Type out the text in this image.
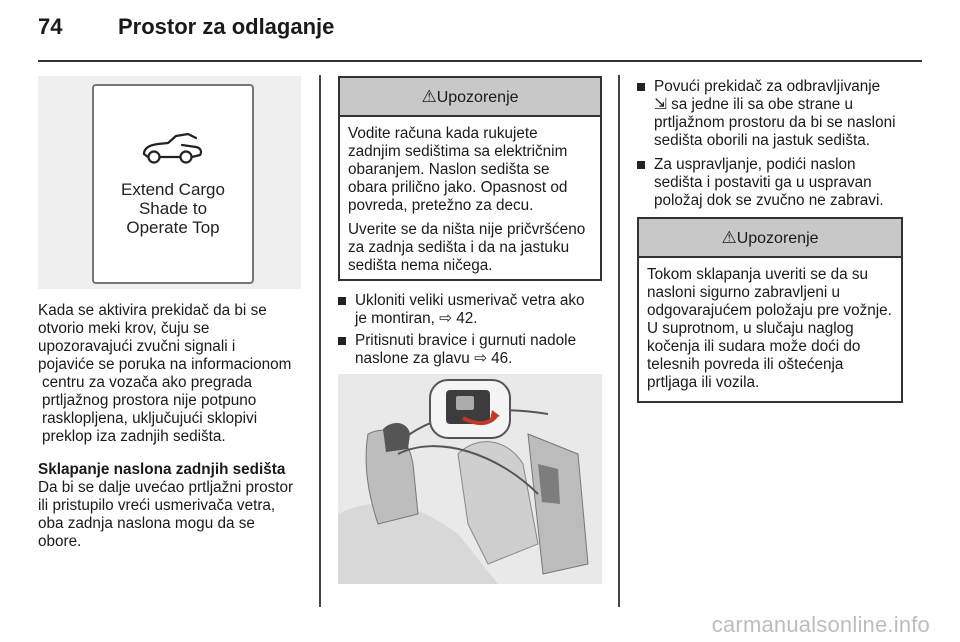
74	Prostor za odlaganje
Extend Cargo
Shade to
Operate Top

Kada se aktivira prekidač da bi se

otvorio meki krov, čuju se

upozoravajući zvučni signali i

pojaviće se poruka na informacionom

centru za vozača ako pregrada

prtljažnog prostora nije potpuno

rasklopljena, uključujući sklopivi

preklop iza zadnjih sedišta.

Sklapanje naslona zadnjih sedišta

Da bi se dalje uvećao prtljažni prostor

ili pristupilo vreći usmerivača vetra,

oba zadnja naslona mogu da se

obore.

⚠Upozorenje

Vodite računa kada rukujete zadnjim sedištima sa električnim obaranjem. Naslon sedišta se obara prilično jako. Opasnost od povreda, pretežno za decu.

Uverite se da ništa nije pričvršćeno za zadnja sedišta i da na jastuku sedišta nema ničega.

Ukloniti veliki usmerivač vetra ako je montiran, ⇨ 42.

Pritisnuti bravice i gurnuti nadole naslone za glavu ⇨ 46.

Povući prekidač za odbravljivanje
⇲ sa jedne ili sa obe strane u prtljažnom prostoru da bi se nasloni sedišta oborili na jastuk sedišta.

Za uspravljanje, podići naslon sedišta i postaviti ga u uspravan položaj dok se zvučno ne zabravi.

⚠Upozorenje

Tokom sklapanja uveriti se da su nasloni sigurno zabravljeni u odgovarajućem položaju pre vožnje. U suprotnom, u slučaju naglog kočenja ili sudara može doći do telesnih povreda ili oštećenja prtljaga ili vozila.

carmanualsonline.info
